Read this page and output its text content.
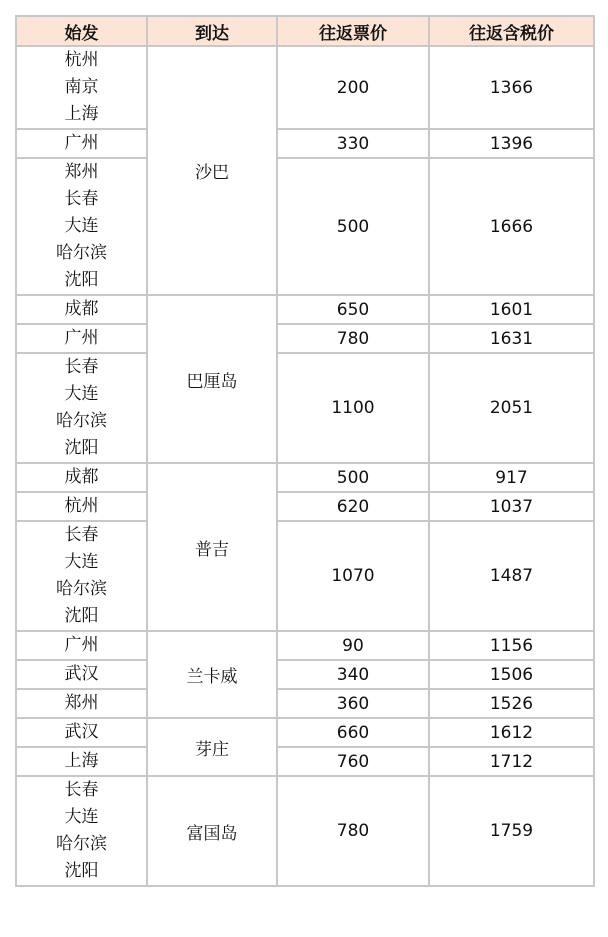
始发	到达	往返票价	往返含税价

杭州
南京
上海	沙巴	200	1366

广州		330	1396

郑州
长春
大连
哈尔滨
沈阳		500	1666

成都	巴厘岛	650	1601

广州		780	1631

长春
大连
哈尔滨
沈阳		1100	2051

成都	普吉	500	917

杭州		620	1037

长春
大连
哈尔滨
沈阳		1070	1487

广州	兰卡威	90	1156

武汉		340	1506

郑州		360	1526

武汉	芽庄	660	1612

上海		760	1712

长春
大连
哈尔滨
沈阳	富国岛	780	1759
